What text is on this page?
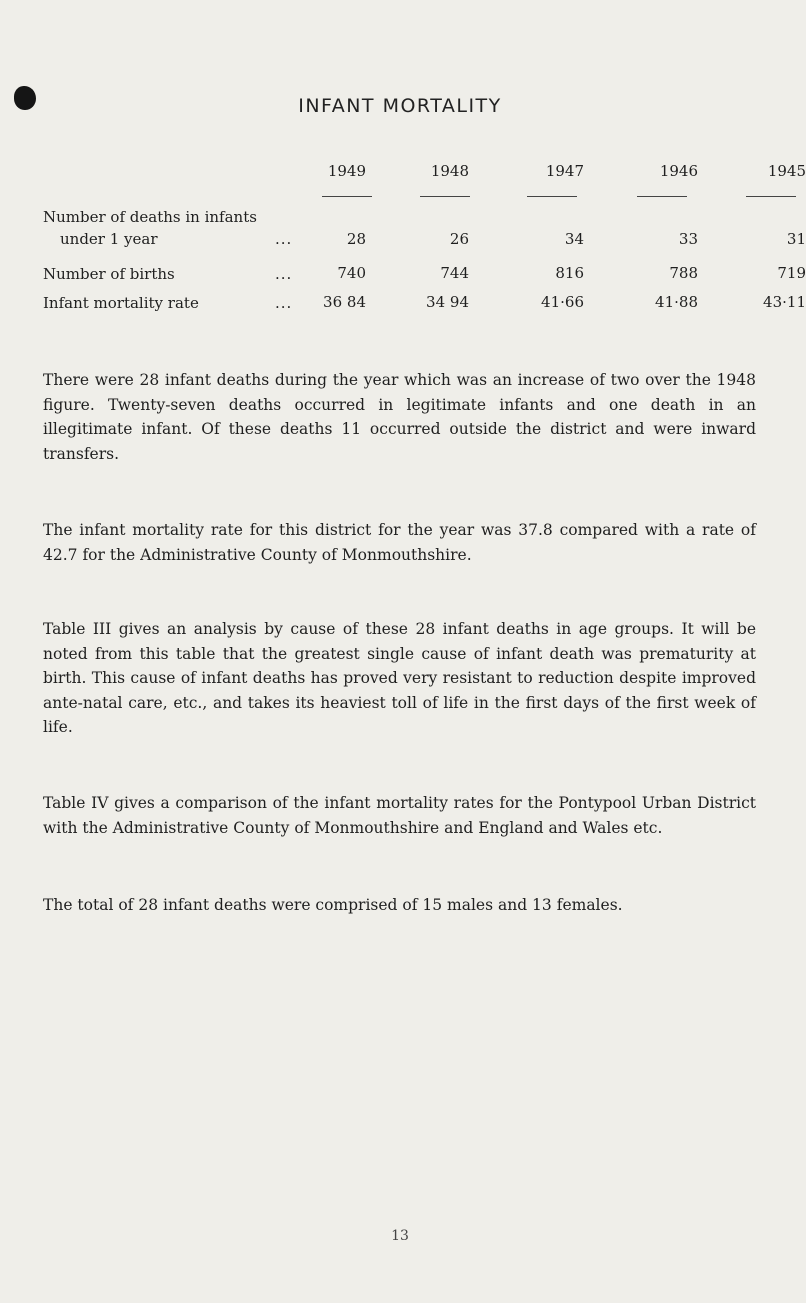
INFANT MORTALITY
1949	1948	1947	1946	1945
Number of deaths in infants
under 1 year	...	28	26	34	33	31
Number of births	...	740	744	816	788	719
Infant mortality rate	...	36 84	34 94	41·66	41·88	43·11

There were 28 infant deaths during the year which was an increase of two over the 1948 figure. Twenty-seven deaths occurred in legitimate infants and one death in an illegitimate infant. Of these deaths 11 occurred outside the district and were inward transfers.

The infant mortality rate for this district for the year was 37.8 compared with a rate of 42.7 for the Administrative County of Monmouthshire.

Table III gives an analysis by cause of these 28 infant deaths in age groups. It will be noted from this table that the greatest single cause of infant death was prematurity at birth. This cause of infant deaths has proved very resistant to reduction despite improved ante-natal care, etc., and takes its heaviest toll of life in the first days of the first week of life.

Table IV gives a comparison of the infant mortality rates for the Pontypool Urban District with the Administrative County of Monmouthshire and England and Wales etc.

The total of 28 infant deaths were comprised of 15 males and 13 females.

13
